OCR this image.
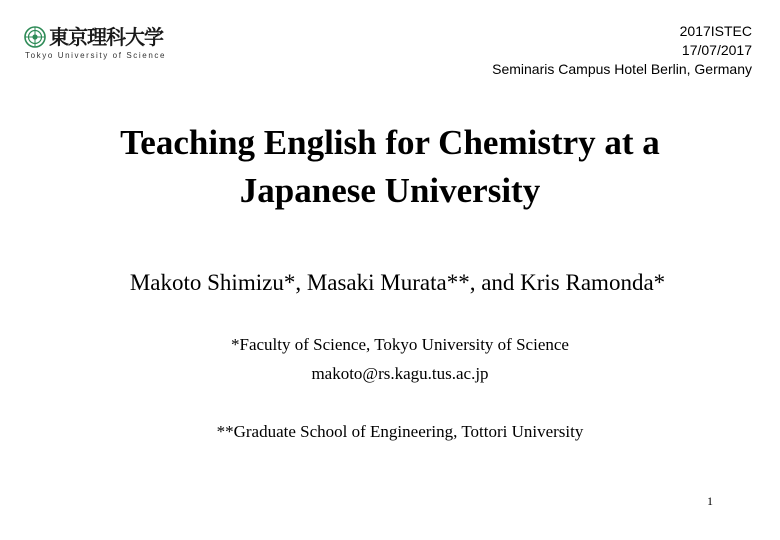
東京理科大学
Tokyo University of Science
2017ISTEC
17/07/2017
Seminaris Campus Hotel Berlin, Germany
Teaching English for Chemistry at a
Japanese University
Makoto Shimizu*, Masaki Murata**, and Kris Ramonda*
*Faculty of Science, Tokyo University of Science
makoto@rs.kagu.tus.ac.jp
**Graduate School of Engineering, Tottori University
1
